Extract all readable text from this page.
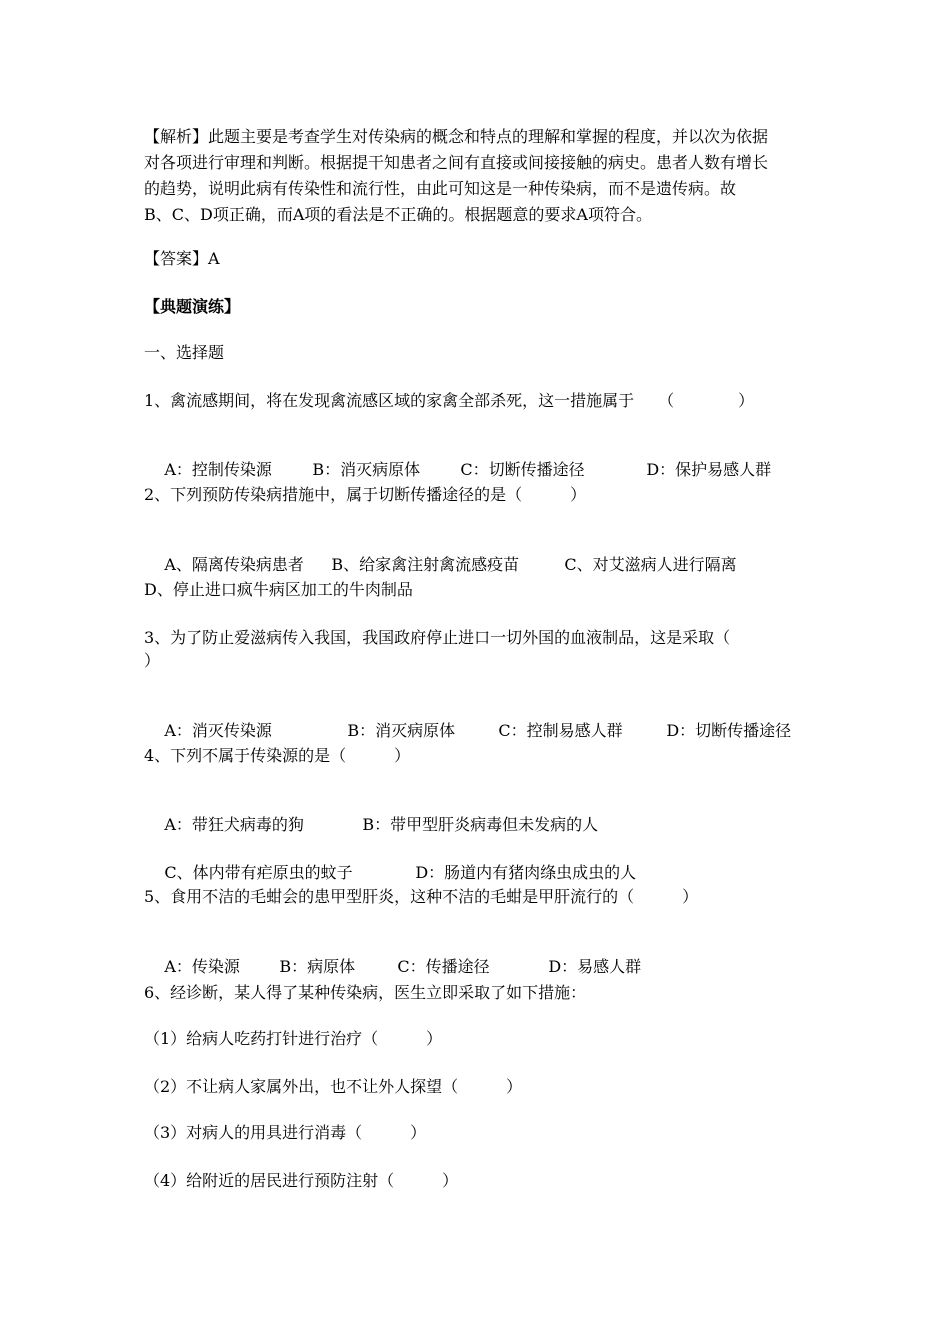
【解析】此题主要是考查学生对传染病的概念和特点的理解和掌握的程度，并以次为依据
对各项进行审理和判断。根据提干知患者之间有直接或间接接触的病史。患者人数有增长
的趋势，说明此病有传染性和流行性，由此可知这是一种传染病，而不是遗传病。故
B、C、D项正确，而A项的看法是不正确的。根据题意的要求A项符合。
【答案】A
【典题演练】
一、选择题
1、禽流感期间，将在发现禽流感区域的家禽全部杀死，这一措施属于　　（　　　　）

A：控制传染源	B：消灭病原体	C：切断传播途径	D：保护易感人群

2、下列预防传染病措施中，属于切断传播途径的是（　　　）

A、隔离传染病患者 B、给家禽注射禽流感疫苗	C、对艾滋病人进行隔离

D、停止进口疯牛病区加工的牛肉制品
3、为了防止爱滋病传入我国，我国政府停止进口一切外国的血液制品，这是采取（
）

A：消灭传染源	B：消灭病原体	C：控制易感人群	D：切断传播途径

4、下列不属于传染源的是（　　　）

A：带狂犬病毒的狗	B：带甲型肝炎病毒但未发病的人

C、体内带有疟原虫的蚊子	D：肠道内有猪肉绦虫成虫的人

5、食用不洁的毛蚶会的患甲型肝炎，这种不洁的毛蚶是甲肝流行的（　　　）

A：传染源 B：病原体	C：传播途径	D：易感人群

6、经诊断，某人得了某种传染病，医生立即采取了如下措施：
（1）给病人吃药打针进行治疗（　　　）
（2）不让病人家属外出，也不让外人探望（　　　）
（3）对病人的用具进行消毒（　　　）
（4）给附近的居民进行预防注射（　　　）
